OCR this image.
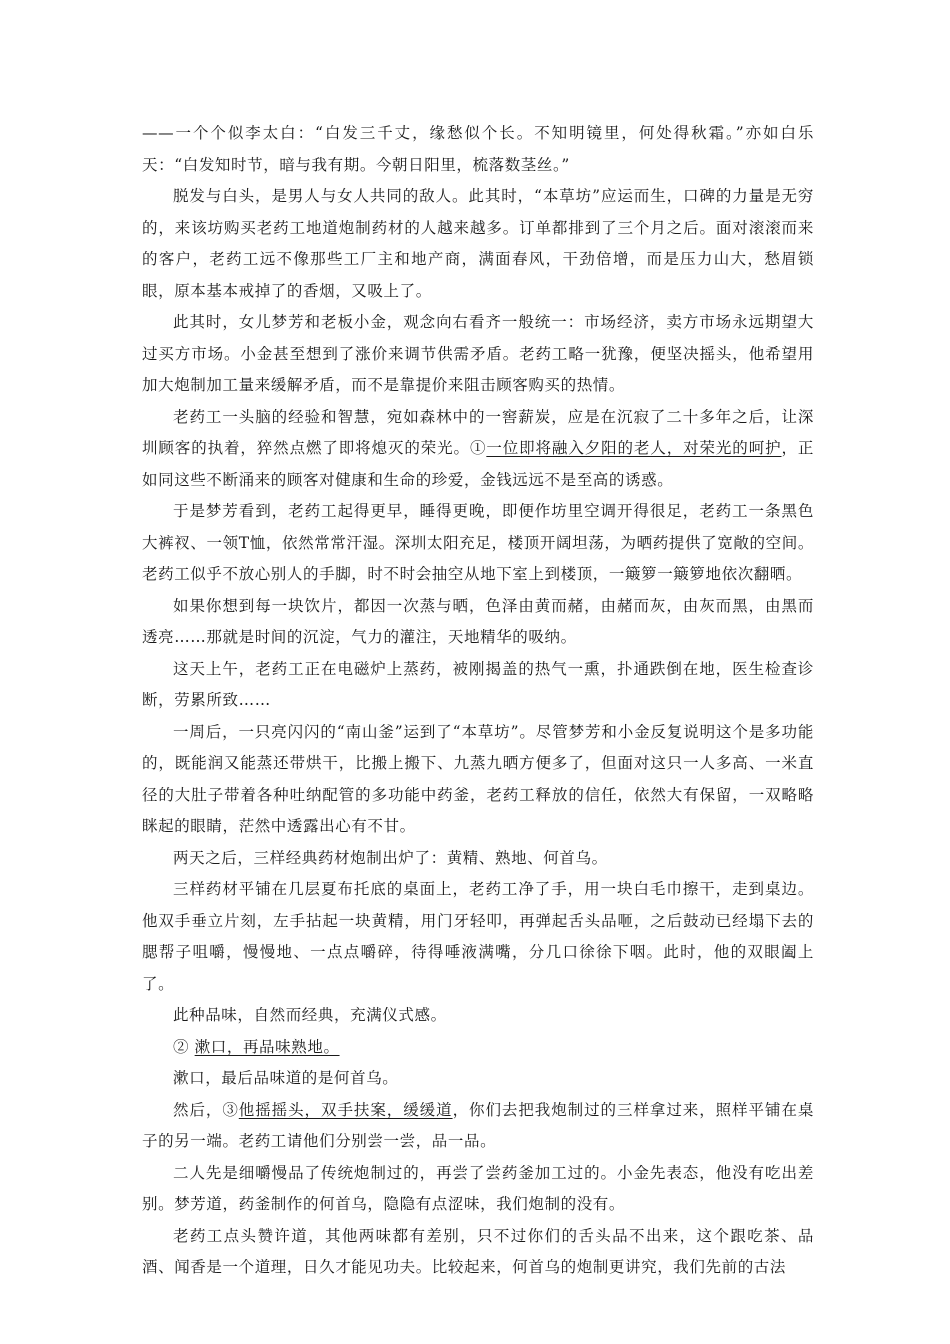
——一个个似李太白：“白发三千丈，缘愁似个长。不知明镜里，何处得秋霜。”亦如白乐天：“白发知时节，暗与我有期。今朝日阳里，梳落数茎丝。”

脱发与白头，是男人与女人共同的敌人。此其时，“本草坊”应运而生，口碑的力量是无穷的，来该坊购买老药工地道炮制药材的人越来越多。订单都排到了三个月之后。面对滚滚而来的客户，老药工远不像那些工厂主和地产商，满面春风，干劲倍增，而是压力山大，愁眉锁眼，原本基本戒掉了的香烟，又吸上了。

此其时，女儿梦芳和老板小金，观念向右看齐一般统一：市场经济，卖方市场永远期望大过买方市场。小金甚至想到了涨价来调节供需矛盾。老药工略一犹豫，便坚决摇头，他希望用加大炮制加工量来缓解矛盾，而不是靠提价来阻击顾客购买的热情。

老药工一头脑的经验和智慧，宛如森林中的一窖薪炭，应是在沉寂了二十多年之后，让深圳顾客的执着，猝然点燃了即将熄灭的荣光。①一位即将融入夕阳的老人，对荣光的呵护，正如同这些不断涌来的顾客对健康和生命的珍爱，金钱远远不是至高的诱惑。

于是梦芳看到，老药工起得更早，睡得更晚，即便作坊里空调开得很足，老药工一条黑色大裤衩、一领T恤，依然常常汗湿。深圳太阳充足，楼顶开阔坦荡，为晒药提供了宽敞的空间。老药工似乎不放心别人的手脚，时不时会抽空从地下室上到楼顶，一簸箩一簸箩地依次翻晒。

如果你想到每一块饮片，都因一次蒸与晒，色泽由黄而赭，由赭而灰，由灰而黑，由黑而透亮……那就是时间的沉淀，气力的灌注，天地精华的吸纳。

这天上午，老药工正在电磁炉上蒸药，被刚揭盖的热气一熏，扑通跌倒在地，医生检查诊断，劳累所致……

一周后，一只亮闪闪的“南山釜”运到了“本草坊”。尽管梦芳和小金反复说明这个是多功能的，既能润又能蒸还带烘干，比搬上搬下、九蒸九晒方便多了，但面对这只一人多高、一米直径的大肚子带着各种吐纳配管的多功能中药釜，老药工释放的信任，依然大有保留，一双略略眯起的眼睛，茫然中透露出心有不甘。

两天之后，三样经典药材炮制出炉了：黄精、熟地、何首乌。

三样药材平铺在几层夏布托底的桌面上，老药工净了手，用一块白毛巾擦干，走到桌边。他双手垂立片刻，左手拈起一块黄精，用门牙轻叩，再弹起舌头品咂，之后鼓动已经塌下去的腮帮子咀嚼，慢慢地、一点点嚼碎，待得唾液满嘴，分几口徐徐下咽。此时，他的双眼阖上了。

此种品味，自然而经典，充满仪式感。

② 漱口，再品味熟地。

漱口，最后品味道的是何首乌。

然后，③他摇摇头，双手扶案，缓缓道，你们去把我炮制过的三样拿过来，照样平铺在桌子的另一端。老药工请他们分别尝一尝，品一品。

二人先是细嚼慢品了传统炮制过的，再尝了尝药釜加工过的。小金先表态，他没有吃出差别。梦芳道，药釜制作的何首乌，隐隐有点涩味，我们炮制的没有。

老药工点头赞许道，其他两味都有差别，只不过你们的舌头品不出来，这个跟吃茶、品酒、闻香是一个道理，日久才能见功夫。比较起来，何首乌的炮制更讲究，我们先前的古法
